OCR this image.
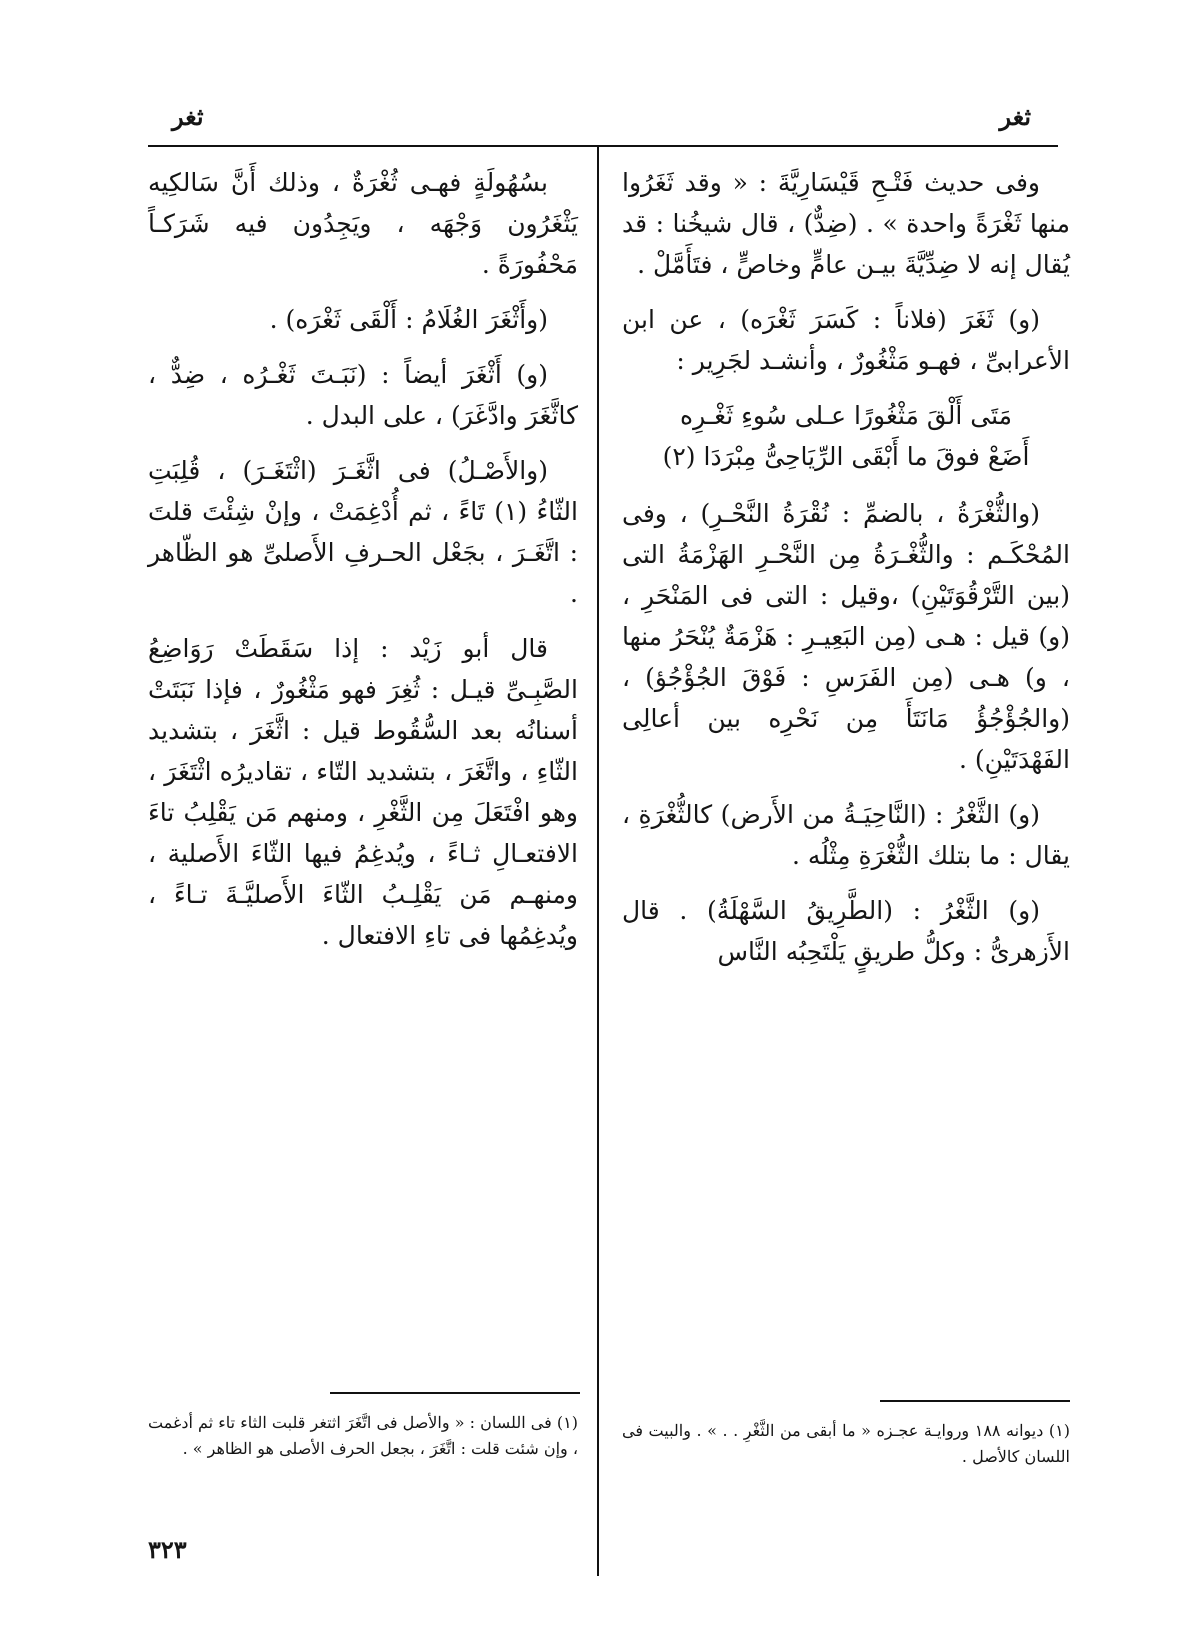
ثغر
ثغر

وفى حديث فَتْـحِ قَيْسَارِيَّةَ : « وقد ثَغَرُوا منها ثَغْرَةً واحدة » . (ضِدٌّ) ، قال شيخُنا : قد يُقال إنه لا ضِدِّيَّةَ بيـن عامٍّ وخاصٍّ ، فتَأَمَّلْ .

(و) ثَغَرَ (فلاناً : كَسَرَ ثَغْرَه) ، عن ابن الأعرابىِّ ، فهـو مَثْغُورٌ ، وأنشـد لجَرِير :

مَتَى أَلْقَ مَثْغُورًا عـلى سُوءِ ثَغْـرِه
أَضَعْ فوقَ ما أَبْقَى الرِّيَاحِىُّ مِبْرَدَا (٢)

(والثُّغْرَةُ ، بالضمِّ : نُقْرَةُ النَّحْـرِ) ، وفى المُحْكَـم : والثُّغْـرَةُ مِن النَّحْـرِ الهَزْمَةُ التى (بين التَّرْقُوَتَيْنِ) ،وقيل : التى فى المَنْحَرِ ، (و) قيل : هـى (مِن البَعِيـرِ : هَزْمَةٌ يُنْحَرُ منها ، و) هـى (مِن الفَرَسِ : فَوْقَ الجُؤْجُؤ) ، (والجُؤْجُؤُ مَانَتَأَ مِن نَحْرِه بين أعالِى الفَهْدَتَيْنِ) .

(و) الثَّغْرُ : (النَّاحِيَـةُ من الأَرض) كالثُّغْرَةِ ، يقال : ما بتلك الثُّغْرَةِ مِثْلُه .

(و) الثَّغْرُ : (الطَّرِيقُ السَّهْلَةُ) . قال الأَزهرىُّ : وكلُّ طريقٍ يَلْتَحِبُه النَّاس

بسُهُولَةٍ فهـى ثُغْرَةٌ ، وذلك أَنَّ سَالكِيه يَثْغَرُون وَجْهَه ، ويَجِدُون فيه شَرَكـاً مَحْفُورَةً .

(وأَثْغَرَ الغُلَامُ : أَلْقَى ثَغْرَه) .

(و) أَثْغَرَ أيضاً : (نَبَـتَ ثَغْـرُه ، ضِدٌّ ، كاثَّغَرَ وادَّغَرَ) ، على البدل .

(والأَصْـلُ) فى اثَّغَـرَ (اثْتَغَـرَ) ، قُلِبَتِ الثّاءُ (١) تَاءً ، ثم أُدْغِمَتْ ، وإنْ شِئْتَ قلتَ : اتَّغَـرَ ، بجَعْل الحـرفِ الأَصلىِّ هو الظّاهر .

قال أبو زَيْد : إذا سَقَطَتْ رَوَاضِعُ الصَّبِـىِّ قيـل : ثُغِرَ فهو مَثْغُورٌ ، فإذا نَبَتَتْ أسنانُه بعد السُّقُوط قيل : اثَّغَرَ ، بتشديد الثّاءِ ، واتَّغَرَ ، بتشديد التّاء ، تقاديرُه اثْتَغَرَ ، وهو افْتَعَلَ مِن الثَّغْرِ ، ومنهم مَن يَقْلِبُ تاءَ الافتعـالِ ثـاءً ، ويُدغِمُ فيها الثّاءَ الأَصلية ، ومنهـم مَن يَقْلِـبُ الثّاءَ الأَصليَّـةَ تـاءً ، ويُدغِمُها فى تاءِ الافتعال .

(١) ديوانه ١٨٨ وروايـة عجـزه « ما أبقى من الثَّغْرِ . . » . والبيت فى اللسان كالأصل .
(١) فى اللسان : « والأصل فى اتَّغَرَ اثتغر قلبت الثاء تاء ثم أدغمت ، وإن شئت قلت : اتَّغَرَ ، بجعل الحرف الأصلى هو الظاهر » .
٣٢٣
